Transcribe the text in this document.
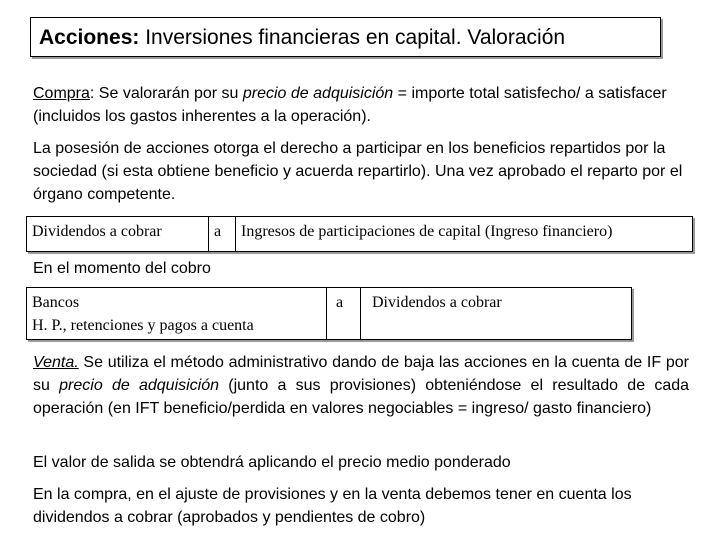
Acciones: Inversiones financieras en capital. Valoración

Compra: Se valorarán por su precio de adquisición = importe total satisfecho/ a satisfacer (incluidos los gastos inherentes a la operación).

La posesión de acciones otorga el derecho a participar en los beneficios repartidos por la sociedad (si esta obtiene beneficio y acuerda repartirlo). Una vez aprobado el reparto por el órgano competente.

Dividendos a cobrar	a	Ingresos de participaciones de capital (Ingreso financiero)

En el momento del cobro

Bancos
H. P., retenciones y pagos a cuenta
a	Dividendos a cobrar

Venta. Se utiliza el método administrativo dando de baja las acciones en la cuenta de IF por su precio de adquisición (junto a sus provisiones) obteniéndose el resultado de cada operación (en IFT beneficio/perdida en valores negociables = ingreso/ gasto financiero)

El valor de salida se obtendrá aplicando el precio medio ponderado

En la compra, en el ajuste de provisiones y en la venta debemos tener en cuenta los dividendos a cobrar (aprobados y pendientes de cobro)
